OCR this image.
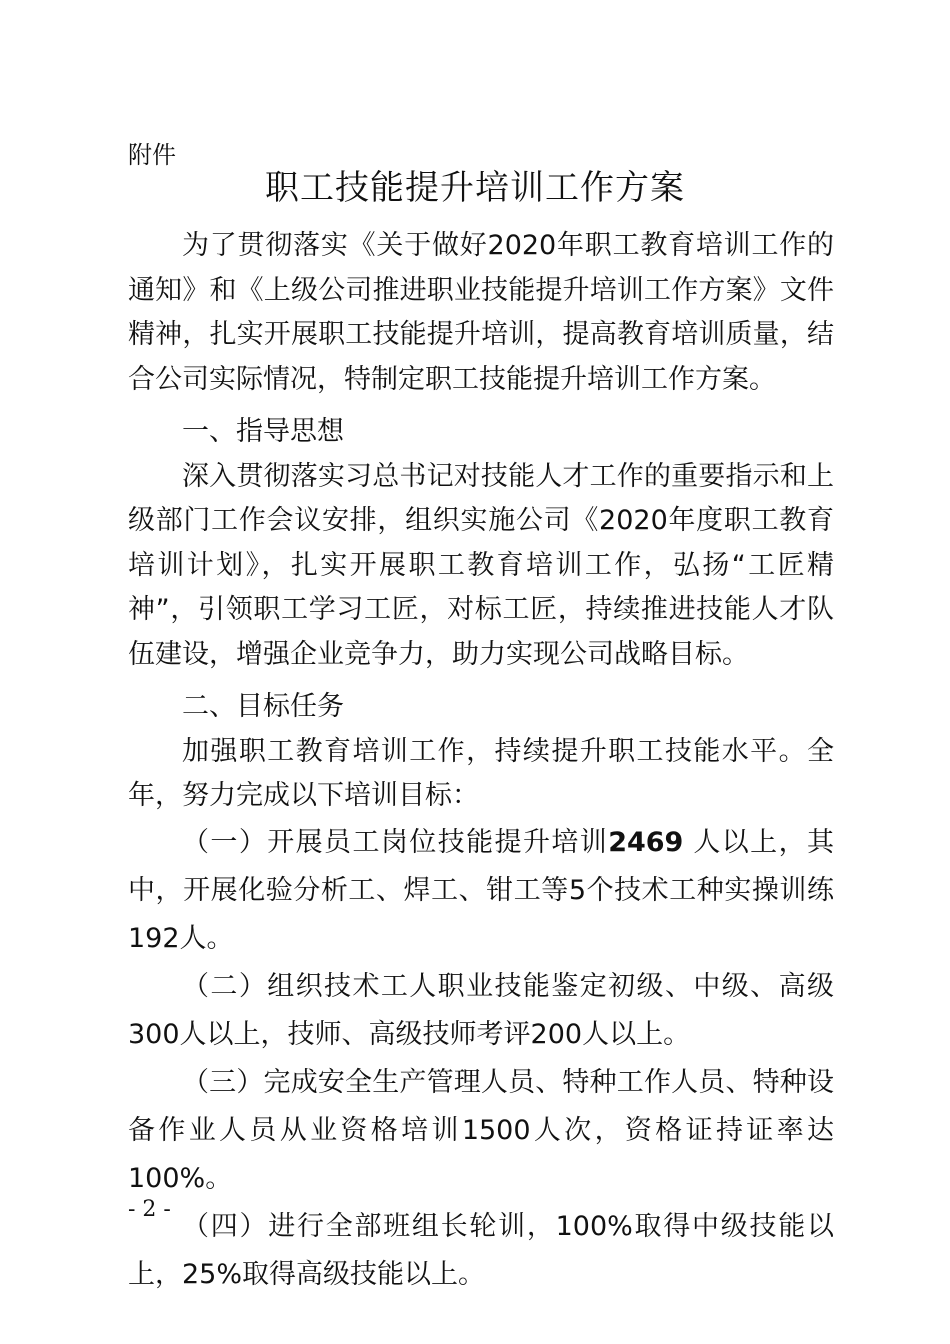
附件
职工技能提升培训工作方案

为了贯彻落实《关于做好2020年职工教育培训工作的通知》和《上级公司推进职业技能提升培训工作方案》文件精神，扎实开展职工技能提升培训，提高教育培训质量，结合公司实际情况，特制定职工技能提升培训工作方案。

一、指导思想

深入贯彻落实习总书记对技能人才工作的重要指示和上级部门工作会议安排，组织实施公司《2020年度职工教育培训计划》，扎实开展职工教育培训工作，弘扬“工匠精神”，引领职工学习工匠，对标工匠，持续推进技能人才队伍建设，增强企业竞争力，助力实现公司战略目标。

二、目标任务

加强职工教育培训工作，持续提升职工技能水平。全年，努力完成以下培训目标：

（一）开展员工岗位技能提升培训2469 人以上，其中，开展化验分析工、焊工、钳工等5个技术工种实操训练192人。

（二）组织技术工人职业技能鉴定初级、中级、高级 300人以上，技师、高级技师考评200人以上。

（三）完成安全生产管理人员、特种工作人员、特种设备作业人员从业资格培训1500人次，资格证持证率达100%。

（四）进行全部班组长轮训，100%取得中级技能以上，25%取得高级技能以上。

- 2 -
